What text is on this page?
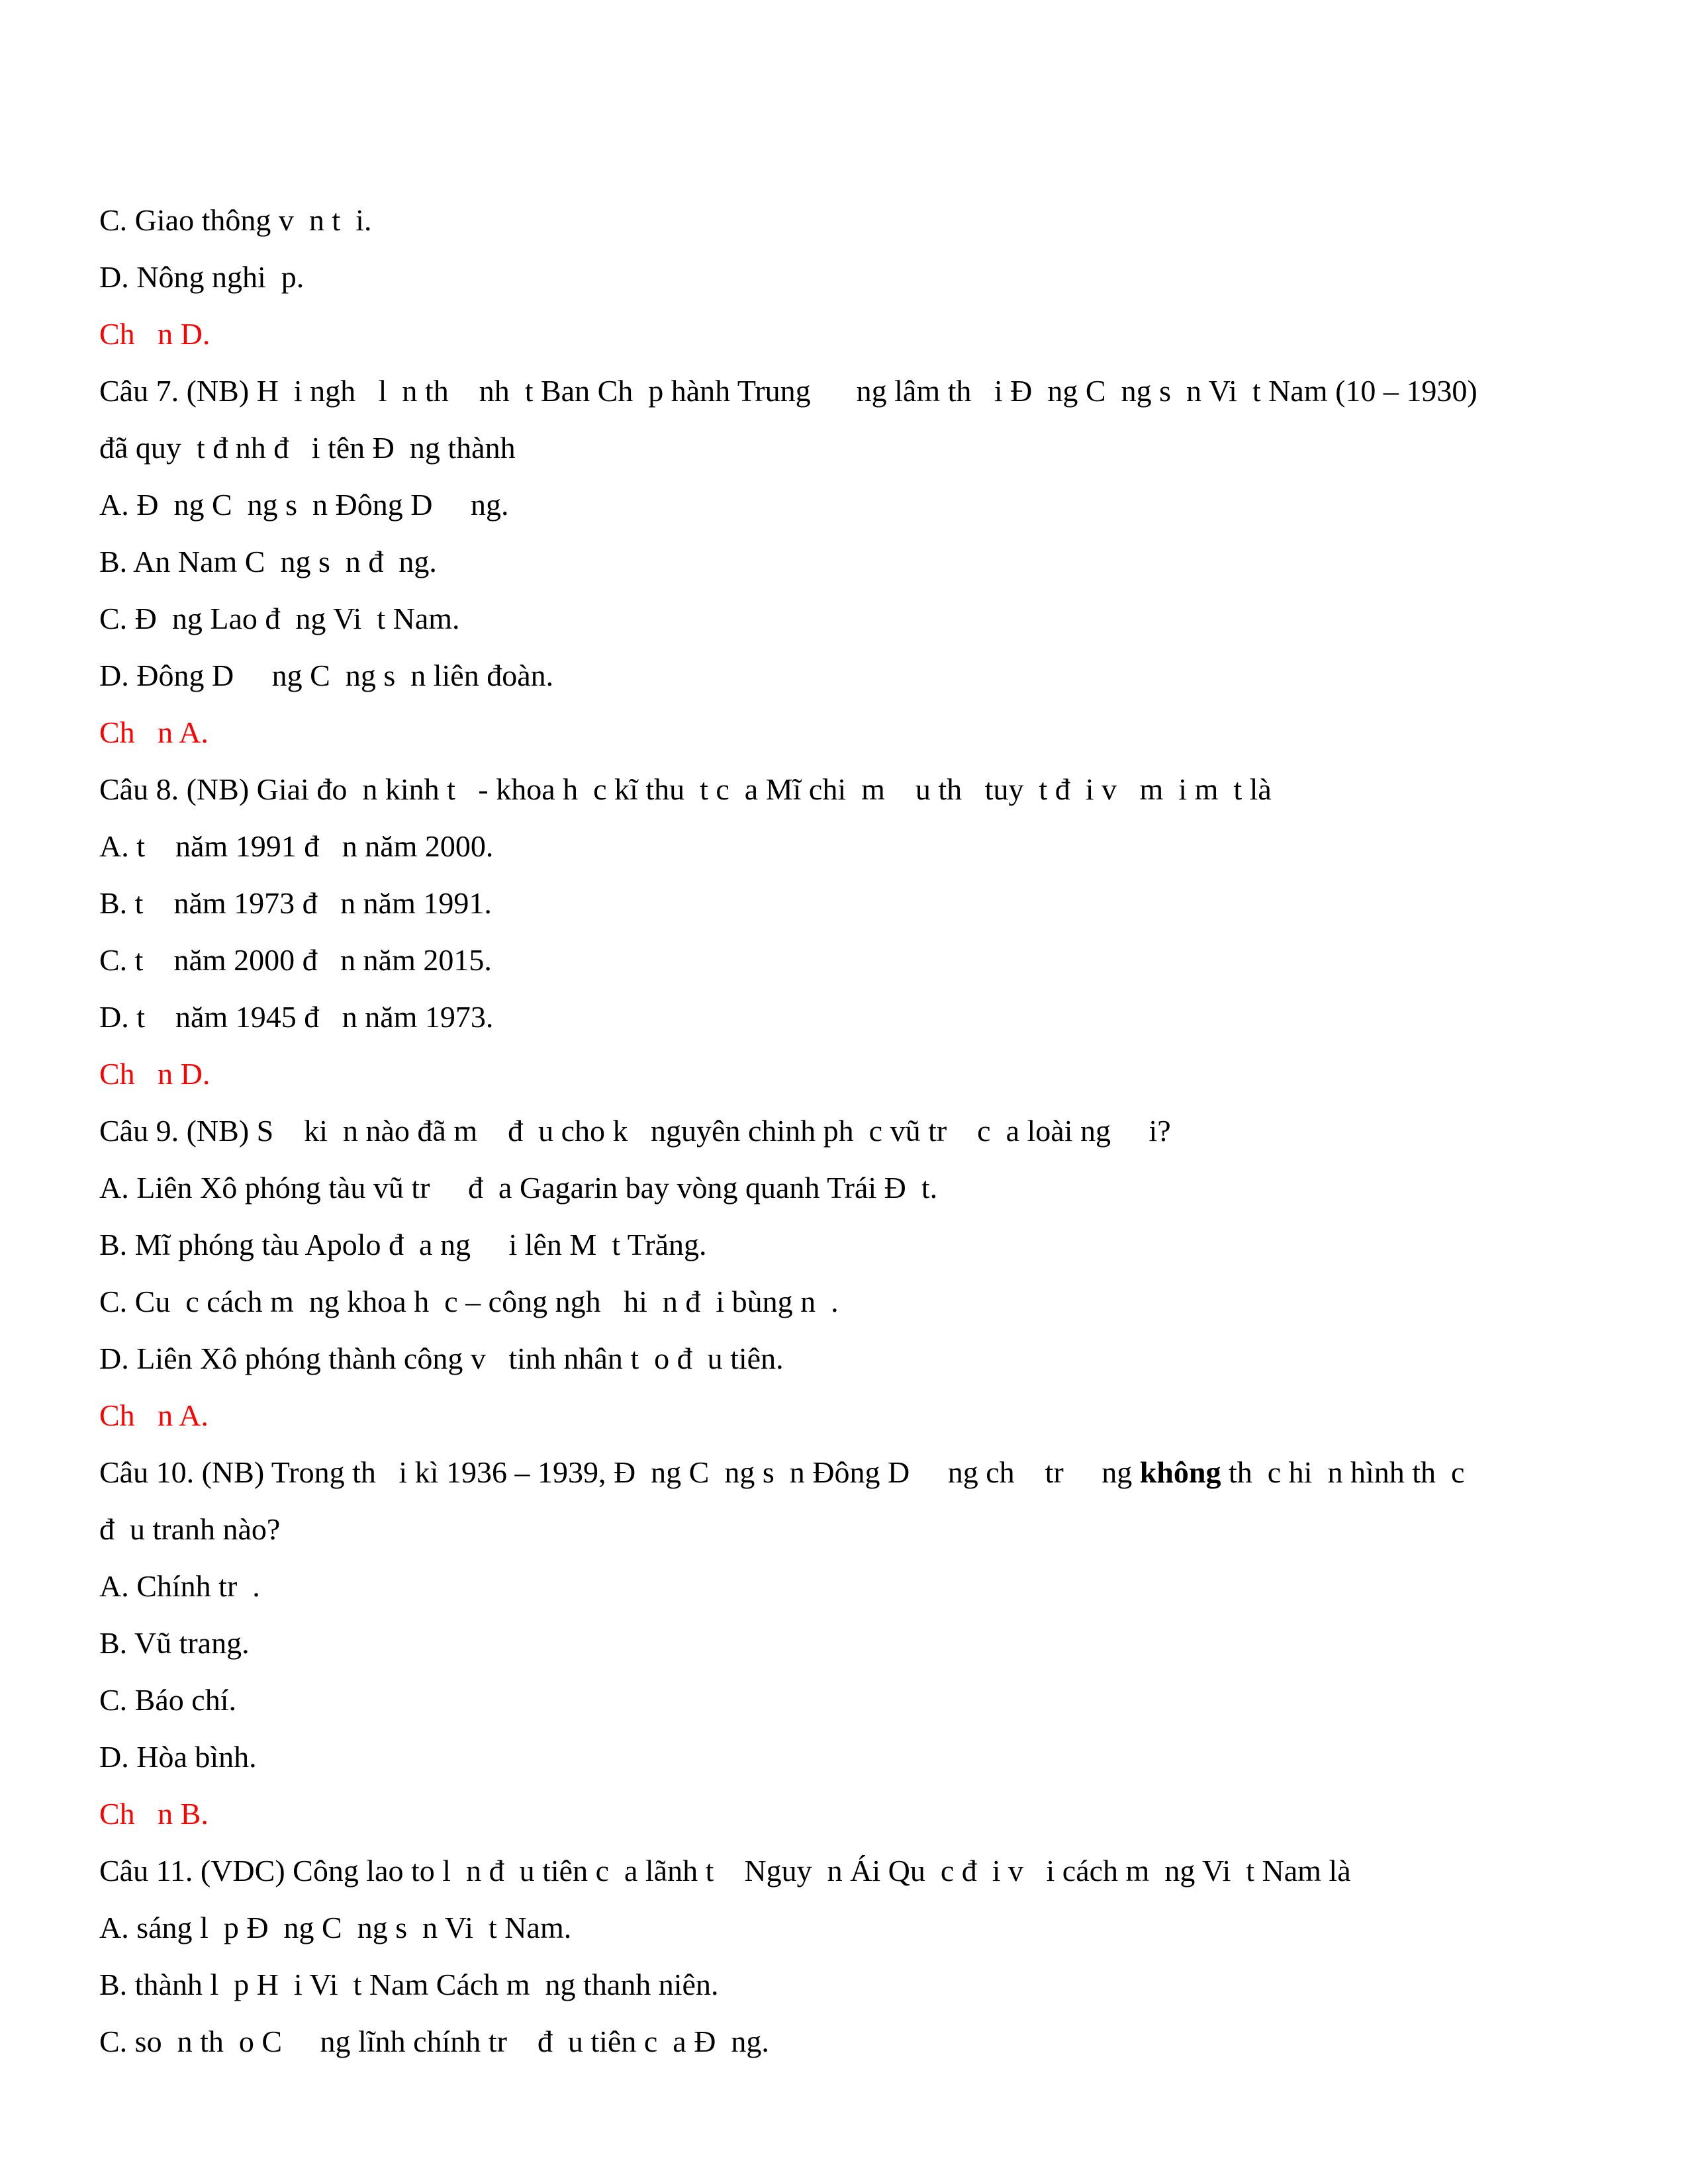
C. Giao thông v  n t  i.
D. Nông nghi  p.
Ch   n D.
Câu 7. (NB) H  i ngh   l  n th    nh  t Ban Ch  p hành Trung      ng lâm th   i Đ  ng C  ng s  n Vi  t Nam (10 – 1930)
đã quy  t đ nh đ   i tên Đ  ng thành
A. Đ  ng C  ng s  n Đông D     ng.
B. An Nam C  ng s  n đ  ng.
C. Đ  ng Lao đ  ng Vi  t Nam.
D. Đông D     ng C  ng s  n liên đoàn.
Ch   n A.
Câu 8. (NB) Giai đo  n kinh t   - khoa h  c kĩ thu  t c  a Mĩ chi  m    u th   tuy  t đ  i v   m  i m  t là
A. t    năm 1991 đ   n năm 2000.
B. t    năm 1973 đ   n năm 1991.
C. t    năm 2000 đ   n năm 2015.
D. t    năm 1945 đ   n năm 1973.
Ch   n D.
Câu 9. (NB) S    ki  n nào đã m    đ  u cho k   nguyên chinh ph  c vũ tr    c  a loài ng     i?
A. Liên Xô phóng tàu vũ tr     đ  a Gagarin bay vòng quanh Trái Đ  t.
B. Mĩ phóng tàu Apolo đ  a ng     i lên M  t Trăng.
C. Cu  c cách m  ng khoa h  c – công ngh   hi  n đ  i bùng n  .
D. Liên Xô phóng thành công v   tinh nhân t  o đ  u tiên.
Ch   n A.
Câu 10. (NB) Trong th   i kì 1936 – 1939, Đ  ng C  ng s  n Đông D     ng ch    tr     ng không th  c hi  n hình th  c
đ  u tranh nào?
A. Chính tr  .
B. Vũ trang.
C. Báo chí.
D. Hòa bình.
Ch   n B.
Câu 11. (VDC) Công lao to l  n đ  u tiên c  a lãnh t    Nguy  n Ái Qu  c đ  i v   i cách m  ng Vi  t Nam là
A. sáng l  p Đ  ng C  ng s  n Vi  t Nam.
B. thành l  p H  i Vi  t Nam Cách m  ng thanh niên.
C. so  n th  o C     ng lĩnh chính tr    đ  u tiên c  a Đ  ng.
